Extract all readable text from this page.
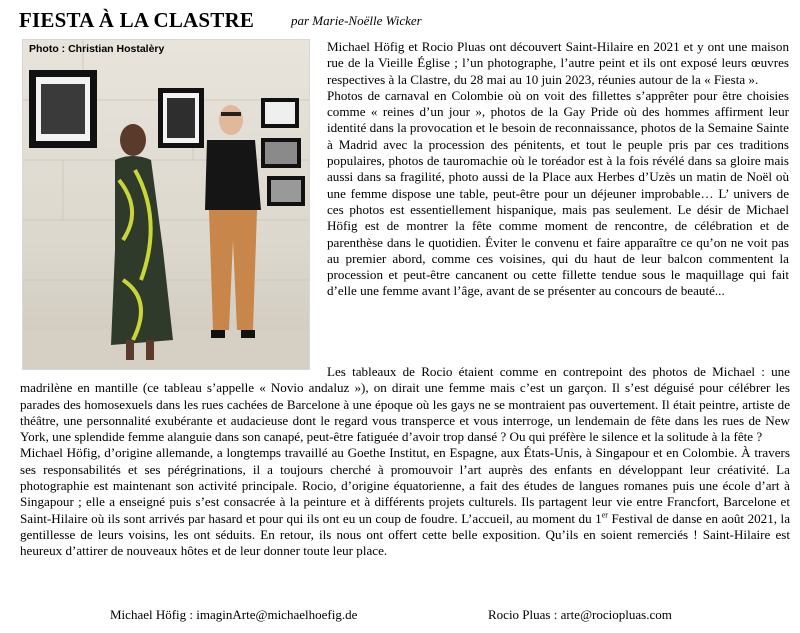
FIESTA À LA CLASTRE	par Marie-Noëlle Wicker
Photo : Christian Hostalèry	Michael Höfig et Rocio Pluas ont découvert Saint-Hilaire en 2021 et y ont une maison rue de la Vieille Église ; l’un photographe, l’autre peint et ils ont exposé leurs œuvres respectives à la Clastre, du 28 mai au 10 juin 2023, réunies autour de la « Fiesta ».

Photos de carnaval en Colombie où on voit des fillettes s’apprêter pour être choisies comme « reines d’un jour », photos de la Gay Pride où des hommes affirment leur identité dans la provocation et le besoin de reconnaissance, photos de la Semaine Sainte à Madrid avec la procession des pénitents, et tout le peuple pris par ces traditions populaires, photos de tauromachie où le toréador est à la fois révélé dans sa gloire mais aussi dans sa fragilité, photo aussi de la Place aux Herbes d’Uzès un matin de Noël où une femme dispose une table, peut-être pour un déjeuner improbable… L’ univers de ces photos est essentiellement hispanique, mais pas seulement. Le désir de Michael Höfig est de montrer la fête comme moment de rencontre, de célébration et de parenthèse dans le quotidien. Éviter le convenu et faire apparaître ce qu’on ne voit pas au premier abord, comme ces voisines, qui du haut de leur balcon commentent la procession et peut-être cancanent ou cette fillette tendue sous le maquillage qui fait d’elle une femme avant l’âge, avant de se présenter au concours de beauté...

Les tableaux de Rocio étaient comme en contrepoint des photos de Michael : une madrilène en mantille (ce tableau s’appelle « Novio andaluz »), on dirait une femme mais c’est un garçon. Il s’est déguisé pour célébrer les parades des homosexuels dans les rues cachées de Barcelone à une époque où les gays ne se montraient pas ouvertement. Il était peintre, artiste de théâtre, une personnalité exubérante et audacieuse dont le regard vous transperce et vous interroge, un lendemain de fête dans les rues de New York, une splendide femme alanguie dans son canapé, peut-être fatiguée d’avoir trop dansé ? Ou qui préfère le silence et la solitude à la fête ?

Michael Höfig, d’origine allemande, a longtemps travaillé au Goethe Institut, en Espagne, aux États-Unis, à Singapour et en Colombie. À travers ses responsabilités et ses pérégrinations, il a toujours cherché à promouvoir l’art auprès des enfants en développant leur créativité. La photographie est maintenant son activité principale. Rocio, d’origine équatorienne, a fait des études de langues romanes puis une école d’art à Singapour ; elle a enseigné puis s’est consacrée à la peinture et à différents projets culturels. Ils partagent leur vie entre Francfort, Barcelone et Saint-Hilaire où ils sont arrivés par hasard et pour qui ils ont eu un coup de foudre. L’accueil, au moment du 1er Festival de danse en août 2021, la gentillesse de leurs voisins, les ont séduits. En retour, ils nous ont offert cette belle exposition. Qu’ils en soient remerciés ! Saint-Hilaire est heureux d’attirer de nouveaux hôtes et de leur donner toute leur place.

Michael Höfig : imaginArte@michaelhoefig.de	Rocio Pluas : arte@rociopluas.com
